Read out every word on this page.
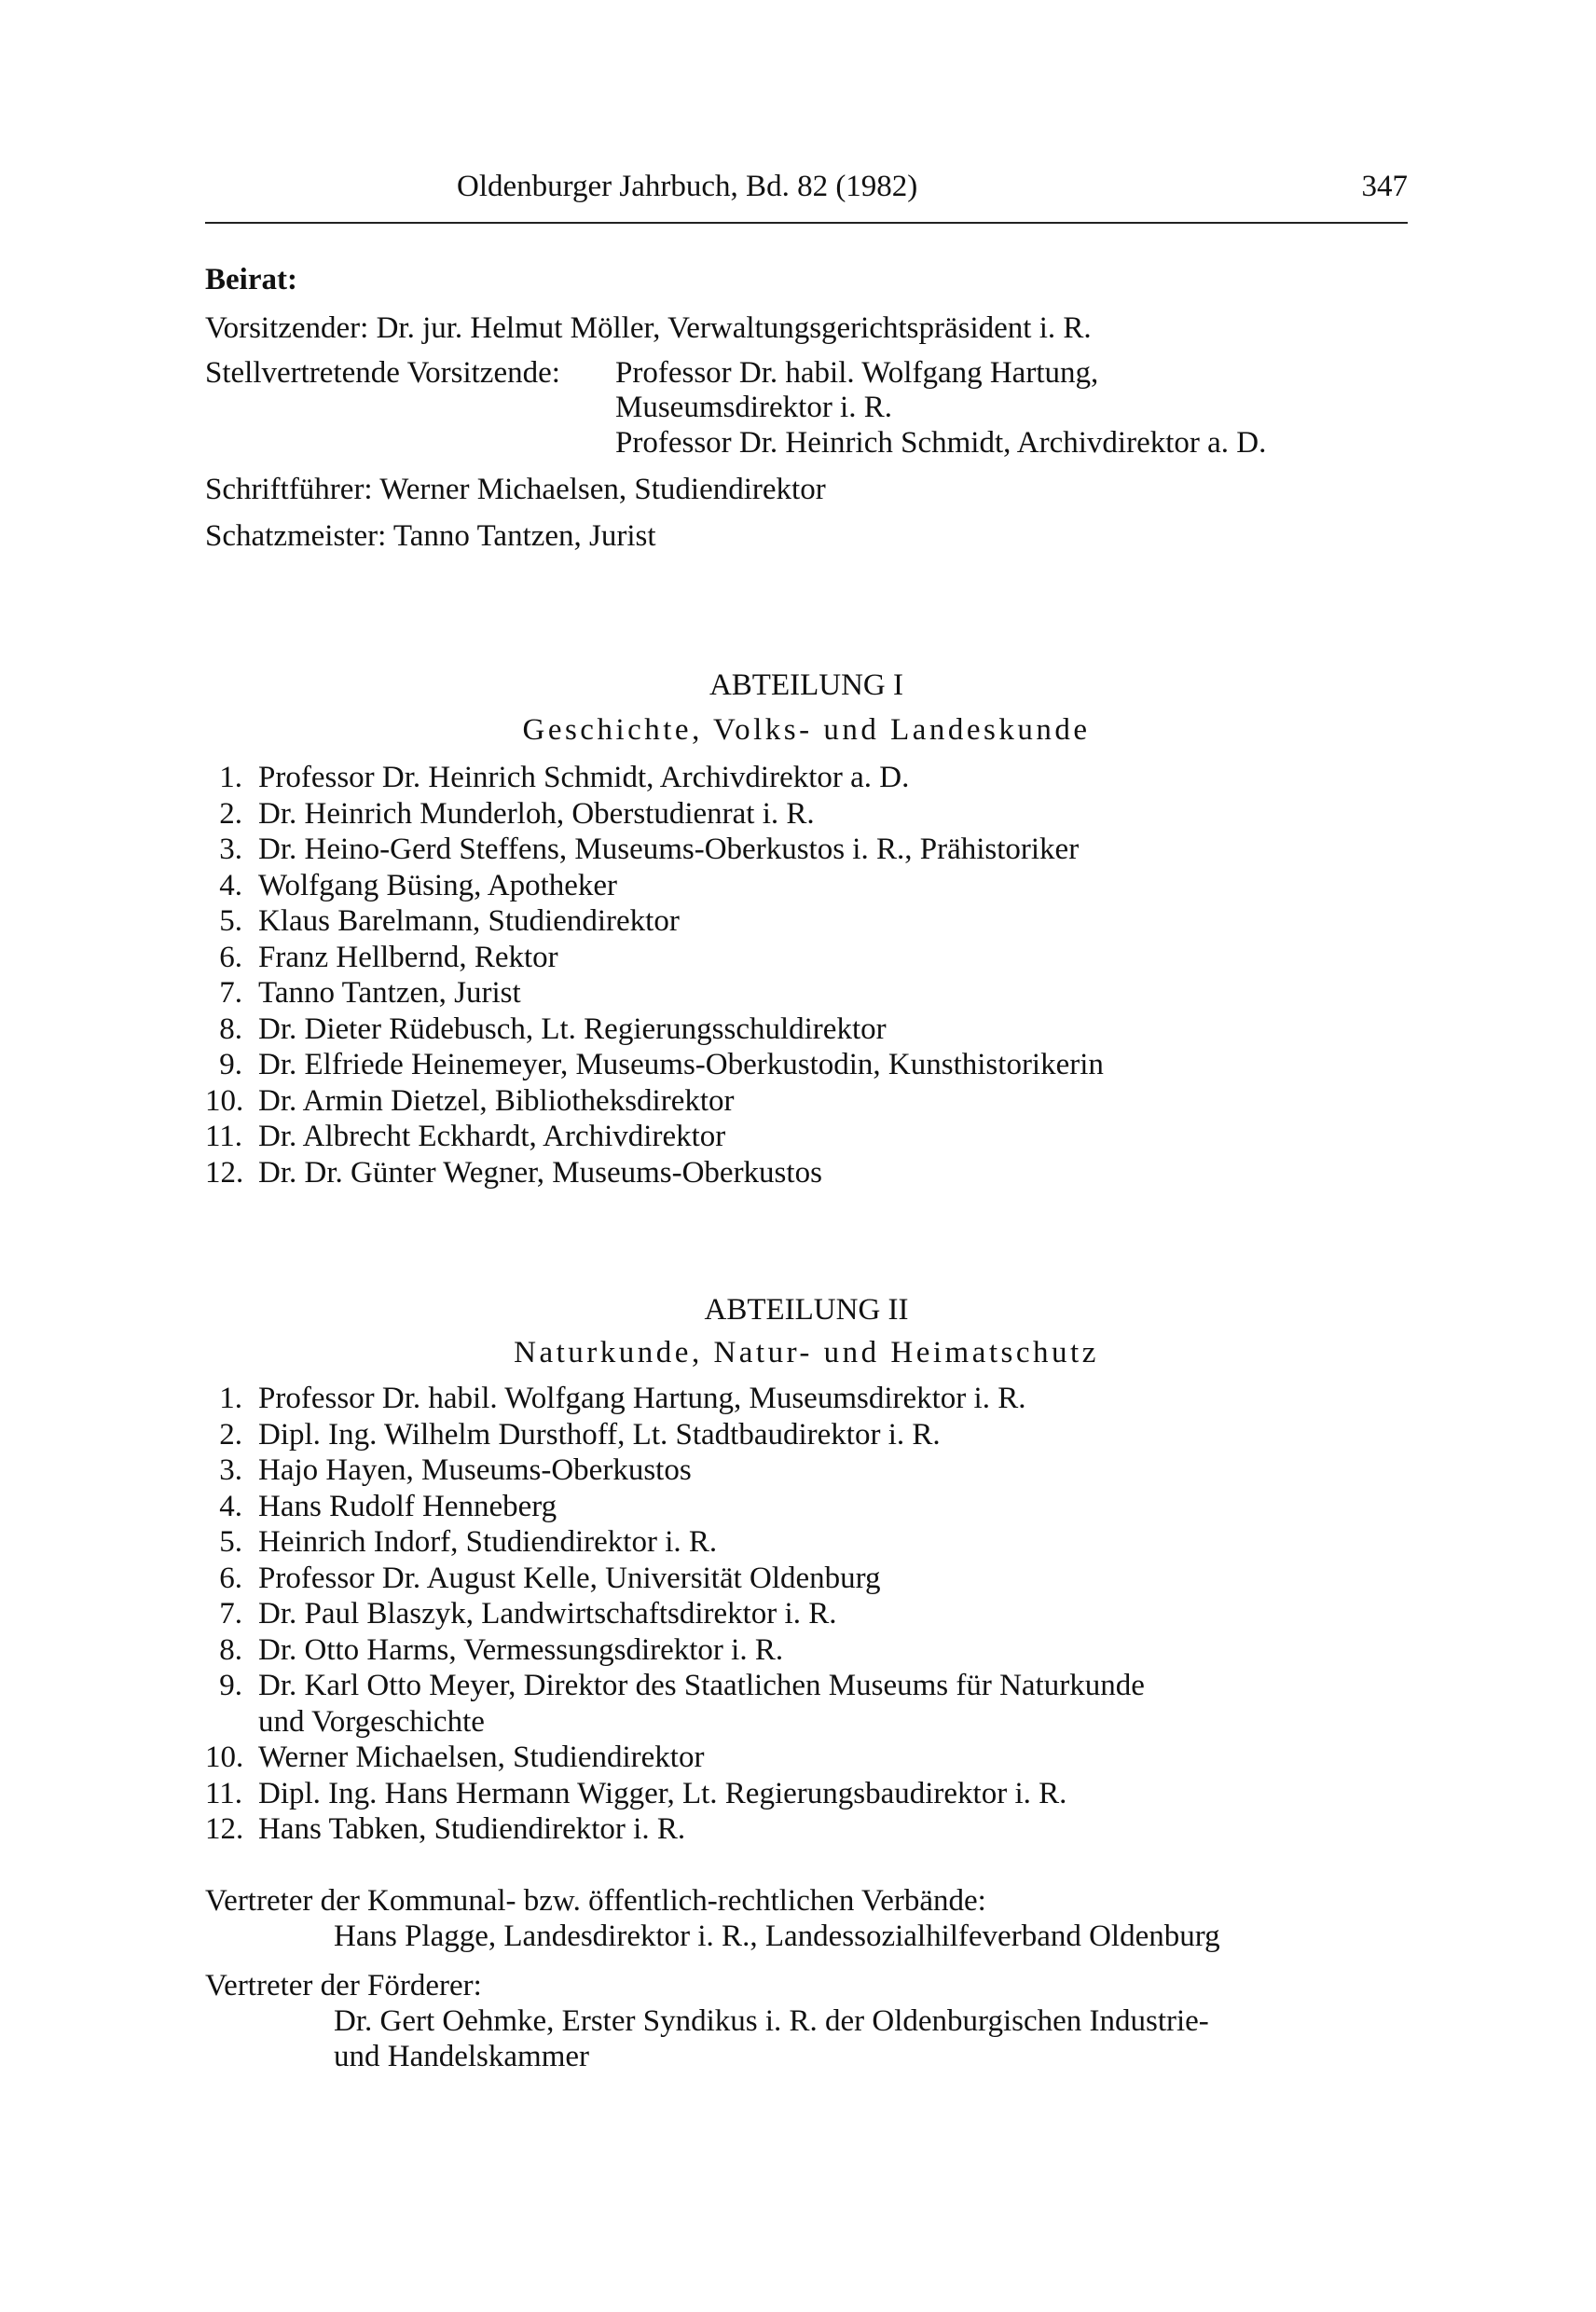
Oldenburger Jahrbuch, Bd. 82 (1982)	347
Beirat:
Vorsitzender: Dr. jur. Helmut Möller, Verwaltungsgerichtspräsident i. R.
Stellvertretende Vorsitzende: Professor Dr. habil. Wolfgang Hartung,
Museumsdirektor i. R.
Professor Dr. Heinrich Schmidt, Archivdirektor a. D.
Schriftführer: Werner Michaelsen, Studiendirektor
Schatzmeister: Tanno Tantzen, Jurist
ABTEILUNG I
Geschichte, Volks- und Landeskunde
1. Professor Dr. Heinrich Schmidt, Archivdirektor a. D.
2. Dr. Heinrich Munderloh, Oberstudienrat i. R.
3. Dr. Heino-Gerd Steffens, Museums-Oberkustos i. R., Prähistoriker
4. Wolfgang Büsing, Apotheker
5. Klaus Barelmann, Studiendirektor
6. Franz Hellbernd, Rektor
7. Tanno Tantzen, Jurist
8. Dr. Dieter Rüdebusch, Lt. Regierungsschuldirektor
9. Dr. Elfriede Heinemeyer, Museums-Oberkustodin, Kunsthistorikerin
10. Dr. Armin Dietzel, Bibliotheksdirektor
11. Dr. Albrecht Eckhardt, Archivdirektor
12. Dr. Dr. Günter Wegner, Museums-Oberkustos
ABTEILUNG II
Naturkunde, Natur- und Heimatschutz
1. Professor Dr. habil. Wolfgang Hartung, Museumsdirektor i. R.
2. Dipl. Ing. Wilhelm Dursthoff, Lt. Stadtbaudirektor i. R.
3. Hajo Hayen, Museums-Oberkustos
4. Hans Rudolf Henneberg
5. Heinrich Indorf, Studiendirektor i. R.
6. Professor Dr. August Kelle, Universität Oldenburg
7. Dr. Paul Blaszyk, Landwirtschaftsdirektor i. R.
8. Dr. Otto Harms, Vermessungsdirektor i. R.
9. Dr. Karl Otto Meyer, Direktor des Staatlichen Museums für Naturkunde
und Vorgeschichte
10. Werner Michaelsen, Studiendirektor
11. Dipl. Ing. Hans Hermann Wigger, Lt. Regierungsbaudirektor i. R.
12. Hans Tabken, Studiendirektor i. R.
Vertreter der Kommunal- bzw. öffentlich-rechtlichen Verbände:
Hans Plagge, Landesdirektor i. R., Landessozialhilfeverband Oldenburg
Vertreter der Förderer:
Dr. Gert Oehmke, Erster Syndikus i. R. der Oldenburgischen Industrie-
und Handelskammer
